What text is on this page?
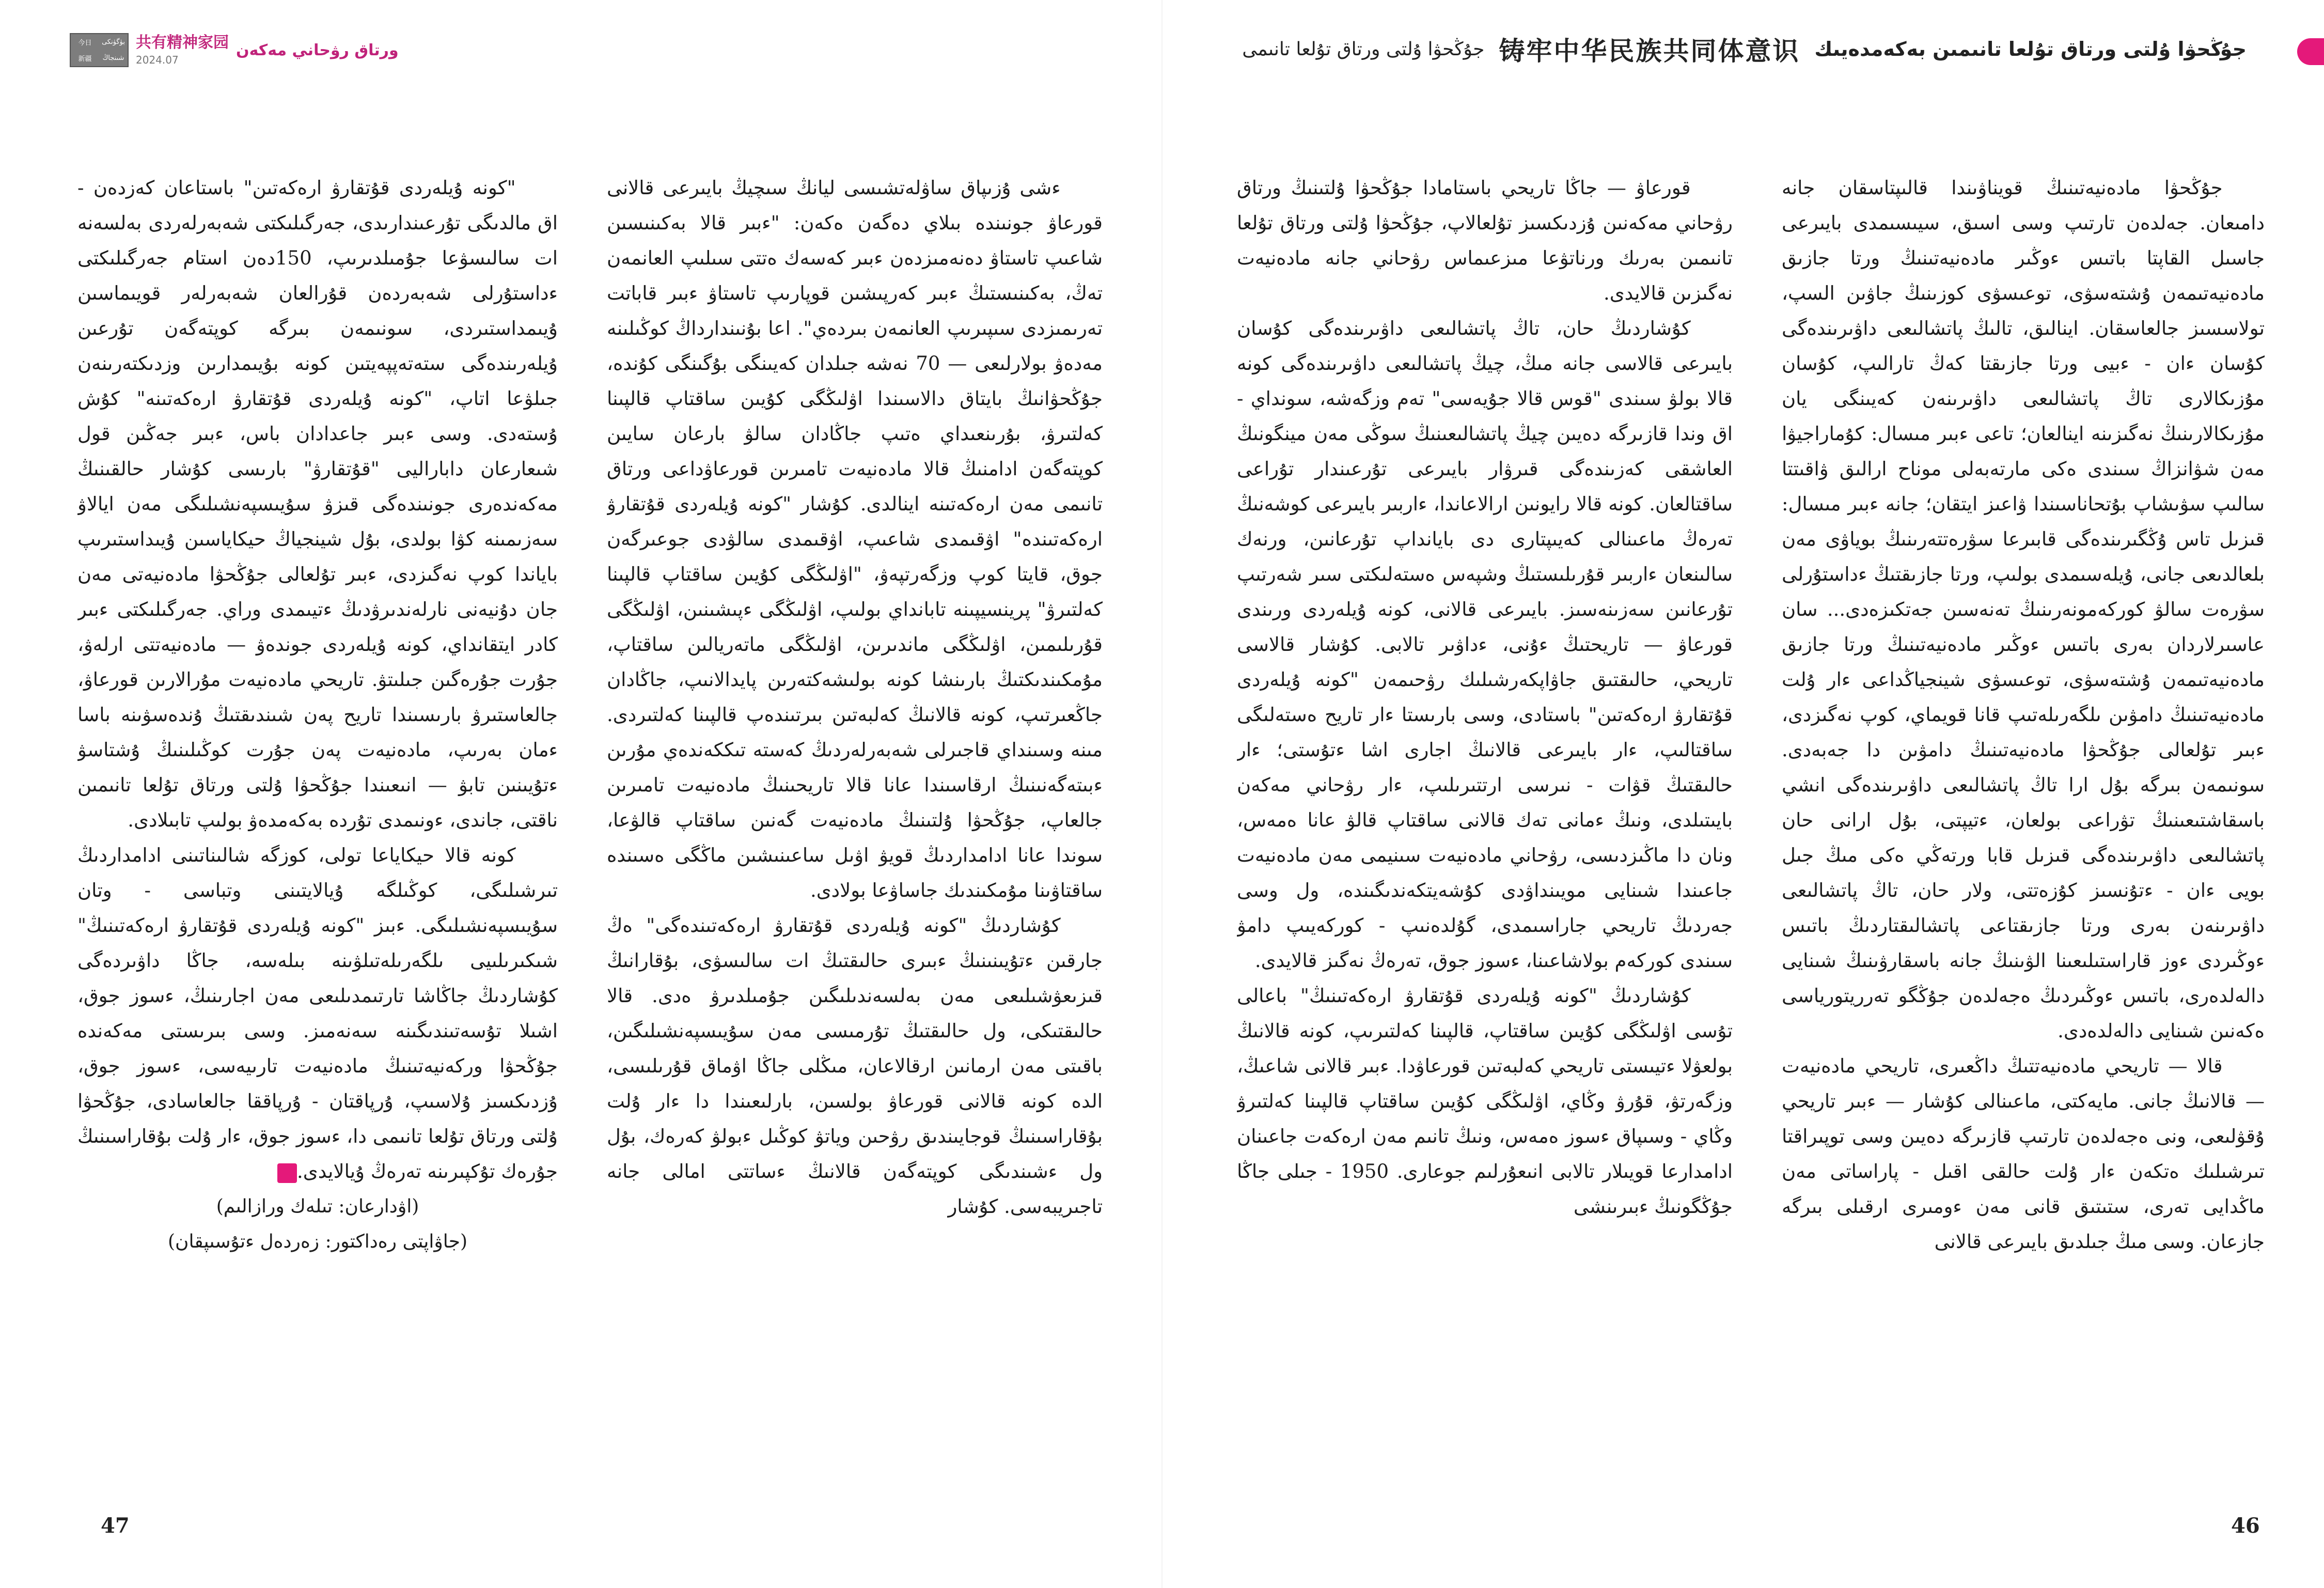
今日	بۈگۈنكى
新疆	شىنجاڭ
共有精神家园
2024.07
ورتاق رۋحاني مەكەن	جۇڭحۋا ۇلتى ورتاق تۇلعا تانىمى 铸牢中华民族共同体意识 جۇڭحۋا ۇلتى ورتاق تۇلعا تانىمىن بەكەمدەيىك

جۇڭحۋا مادەنيەتىنىڭ قويناۋىندا قالىپتاسقان جانە دامىعان. جەلدەن تارتىپ وسى اسىق، سيىسىمدى بايىرعى جاسىل القاپتا باتىس ءوڭىر مادەنيەتىنىڭ ورتا جازىق مادەنيەتىمەن ۇشتەسۋى، توعىسۋى كوزىنىڭ جاۋىن السپ، تولاسسىز جالعاسقان. اينالىق، تالىڭ پاتشالىعى داۋىرىندەگى كۇسان ءان - ءبيى ورتا جازىقتا كەڭ تارالىپ، كۇسان مۇزىكالارى تاڭ پاتشالىعى داۋىرىنەن كەيىنگى يان مۇزىكالارىنىڭ نەگىزىنە اينالعان؛ تاعى ءبىر مىسال: كۇماراجيۋا مەن شۋانزاڭ سىندى ەكى مارتەبەلى موناح ارالىق ۋاقىتتا سالىپ سۋىشاپ بۇتحاناسىندا ۋاعىز ايتقان؛ جانە ءبىر مىسال: قىزىل تاس ۇڭگىرىندەگى قابىرعا سۋرەتتەرىنىڭ بوياۋى مەن بلعالدىعى جانى، ۇيلەسىمدى بولىپ، ورتا جازىقتىڭ ءداستۇرلى سۋرەت سالۋ كوركەمونەرىنىڭ تەنەسىن جەتكىزەدى... سان عاسىرلاردان بەرى باتىس ءوڭىر مادەنيەتىنىڭ ورتا جازىق مادەنيەتىمەن ۇشتەسۋى، توعىسۋى شينجياڭداعى ءار ۇلت مادەنيەتىنىڭ دامۋىن ىلگەرىلەتىپ قانا قويماي، كوپ نەگىزدى، ءبىر تۇلعالى جۇڭحۋا مادەنيەتىنىڭ دامۋىن دا جەبەدى. سونىمەن بىرگە بۇل ارا تاڭ پاتشالىعى داۋىرىندەگى انشي باسقاشتىعىنىڭ تۋراعى بولعان، ءتيپتى، بۇل ارانى حان پاتشالىعى داۋىرىندەگى قىزىل قابا ورتەڭي ەكى مىڭ جىل بويى ءان - ءتۇنسىز كۇزەتتى، ولار حان، تاڭ پاتشالىعى داۋىرىنەن بەرى ورتا جازىقتاعى پاتشالىقتاردىڭ باتىس ءوڭىردى ءوز قاراستىلىعىنا الۋىنىڭ جانە باسقارۋىنىڭ شىنايى دالەلدەرى، باتىس ءوڭىردىڭ ەجەلدەن جۇڭگو تەرريتورياسى ەكەنىن شىنايى دالەلدەدى.

قالا — تاريحي مادەنيەتتىڭ داڭعىرى، تاريحي مادەنيەت — قالانىڭ جانى. مايەكتى، ماعىنالى كۇشار — ءبىر تاريحي ۇقۋلىعى، ونى ەجەلدەن تارتىپ قازىرگە دەيىن وسى توپىراقتا تىرشىلىك ەتكەن ءار ۇلت حالقى اقىل - پاراساتى مەن ماڭدايى تەرى، ستىتىق قانى مەن ءومىرى ارقىلى بىرگە جازعان. وسى مىڭ جىلدىق بايىرعى قالانى

قورعاۋ — جاڭا تاريحي باستامادا جۇڭحۋا ۇلتىنىڭ ورتاق رۋحاني مەكەنىن ۇزدىكسىز تۇلعالاپ، جۇڭحۋا ۇلتى ورتاق تۇلعا تانىمىن بەرىك ورناتۋعا مىزعىماس رۋحاني جانە مادەنيەت نەگىزىن قالايدى.

كۇشاردىڭ حان، تاڭ پاتشالىعى داۋىرىندەگى كۇسان بايىرعى قالاسى جانە مىڭ، چيڭ پاتشالىعى داۋىرىندەگى كونە قالا بولۋ سىندى "قوس قالا جۇيەسى" تەم وزگەشە، سونداي - اق وندا قازىرگە دەيىن چيڭ پاتشالىعىنىڭ سوڭى مەن مينگونىڭ العاشقى كەزىندەگى قىرۋار بايىرعى تۇرعىندار تۇراعى ساقتالعان. كونە قالا رايونىن ارالاعاندا، ءاربىر بايىرعى كوشەنىڭ تەرەڭ ماعىنالى كەيىپتارى دى بايانداپ تۇرعانىن، ورنەك سالىنعان ءاربىر قۇرىلىستىڭ وشپەس ەستەلىكتى سىر شەرتىپ تۇرعانىن سەزىنەسىز. بايىرعى قالانى، كونە ۇيلەردى ورىندى قورعاۋ — تاريحتىڭ ءۇنى، ءداۋىر تالابى. كۇشار قالاسى تاريحي، حالىقتىق جاۋاپكەرشىلىك رۋحىمەن "كونە ۇيلەردى قۇتقارۋ ارەكەتىن" باستادى، وسى بارىستا ءار تاريح ەستەلىگى ساقتالىپ، ءار بايىرعى قالانىڭ اجارى اشا ءتۇستى؛ ءار حالىقتىڭ قۋات - نىرسى ارتتىرىلىپ، ءار رۋحاني مەكەن بايىتىلدى، ونىڭ ءمانى تەك قالانى ساقتاپ قالۋ عانا ەمەس، ونان دا ماڭىزدىسى، رۋحاني مادەنيەت سىنيمى مەن مادەنيەت جاعىندا شىنايى مويىنداۋدى كۇشەيتكەندىگىندە، ول وسى جەردىڭ تاريحي جاراسىمدى، گۇلدەنىپ - كوركەيىپ دامۋ سىندى كوركەم بولاشاعىنا، ءسوز جوق، تەرەڭ نەگىز قالايدى.

كۇشاردىڭ "كونە ۇيلەردى قۇتقارۋ ارەكەتىنىڭ" باعالى تۇسى اۋلىڭگى كۇيىن ساقتاپ، قالپىنا كەلتىرىپ، كونە قالانىڭ بولعۋلا ءتيىستى تاريحي كەلبەتىن قورعاۋدا. ءبىر قالانى شاعىڭ، وزگەرتۋ، قۇرۋ وڭاي، اۋلىڭگى كۇيىن ساقتاپ قالپىنا كەلتىرۋ وڭاي - وسىپاق ءسوز ەمەس، ونىڭ تانىم مەن ارەكەت جاعىنان ادامدارعا قويىلار تالابى انىعۇرلىم جوعارى. 1950 - جىلى جاڭا جۇڭگونىڭ ءبىرىنشى

ءشى ۇزىپاق ساۋلەتشىسى ليانڭ سىچيڭ بايىرعى قالانى قورعاۋ جونىندە بىلاي دەگەن ەكەن: "ءبىر قالا بەكىنىسىن شاعىپ تاستاۋ دەنەمىزدەن ءبىر كەسەك ەتتى سىلىپ العانمەن تەڭ، بەكىنىستىڭ ءبىر كەرپىشىن قوپارىپ تاستاۋ ءبىر قاباتت تەرىمىزدى سىپىرىپ العانمەن بىردەي". اعا بۇنىندارداڭ كوڭىلىنە مەدەۋ بولارلىعى — 70 نەشە جىلدان كەيىنگى بۇگىنگى كۇندە، جۇڭحۋانىڭ بايتاق دالاسىندا اۋلىڭگى كۇيىن ساقتاپ قالپىنا كەلتىرۋ، بۇرىنعىداي ەتىپ جاڭادان سالۋ بارعان سايىن كوپتەگەن ادامنىڭ قالا مادەنيەت تامىرىن قورعاۋداعى ورتاق تانىمى مەن ارەكەتىنە اينالدى. كۇشار "كونە ۇيلەردى قۇتقارۋ ارەكەتىندە" اۋقىمدى شاعىپ، اۋقىمدى سالۋدى جوعىرگەن جوق، قايتا كوپ وزگەرتپەۋ، "اۋلىڭگى كۇيىن ساقتاپ قالپىنا كەلتىرۋ" پرينسيپىنە تابانداي بولىپ، اۋلىڭگى ءپىشىنىن، اۋلىڭگى قۇرىلىمىن، اۋلىڭگى ماندىرىن، اۋلىڭگى ماتەريالىن ساقتاپ، مۇمكىندىكتىڭ بارىنشا كونە بولىشەكتەرىن پايدالانىپ، جاڭادان جاڭعىرتىپ، كونە قالانىڭ كەلبەتىن بىرتىندەپ قالپىنا كەلتىردى. مىنە وسىنداي قاجىرلى شەبەرلەردىڭ كەستە تىككەندەي مۇرىن ءبىتەگەنىنىڭ ارقاسىندا عانا قالا تاريحىنىڭ مادەنيەت تامىرىن جالعاپ، جۇڭحۋا ۇلتىنىڭ مادەنيەت گەنىن ساقتاپ قالۋعا، سوندا عانا ادامداردىڭ قويۋ اۋىل ساعىنىشىن ماڭگى ەسىندە ساقتاۋىنا مۇمكىندىك جاساۋعا بولادى.

كۇشاردىڭ "كونە ۇيلەردى قۇتقارۋ ارەكەتىندەگى" ەڭ جارقىن ءتۇيىنىنىڭ ءبىرى حالىقتىڭ ات سالىسۋى، بۇقارانىڭ قىزىعۋشىلىعى مەن بەلسەندىلىگىن جۇمىلدىرۋ ەدى. قالا حالىقتىكى، ول حالىقتىڭ تۇرمىسى مەن سۇيىسپەنشىلىگىن، باقىتى مەن ارمانىن ارقالاعان، مىڭلى جاڭا اۋماق قۇرىلىسى، الدە كونە قالانى قورعاۋ بولسىن، بارلىعىندا دا ءار ۇلت بۇقاراسىنىڭ قوجايىندىق رۋحىن وياتۋ كوڭىل ءبولۋ كەرەك، بۇل ول ءشىندىگى كوپتەگەن قالانىڭ ءساتتى امالى جانە تاجىريبەسى. كۇشار

"كونە ۇيلەردى قۇتقارۋ ارەكەتىن" باستاعان كەزدەن - اق مالدىگى تۇرعىندارىدى، جەرگىلىكتى شەبەرلەردى بەلسەنە ات سالىسۋعا جۇمىلدىرىپ، 150دەن استام جەرگىلىكتى ءداستۇرلى شەبەردەن قۇرالعان شەبەرلەر قويىماسىن ۇيىمداستىردى، سونىمەن بىرگە كوپتەگەن تۇرعىن ۇيلەرىندەگى ستەتەپپەيتىن كونە بۇيىمدارىن وزدىكتەرىنەن جىلۋعا اتاپ، "كونە ۇيلەردى قۇتقارۋ ارەكەتىنە" كۇش ۇستەدى. وسى ءبىر جاعدادان باس، ءبىر جەڭىن قول شىعارعان داباراليى "قۇتقارۋ" بارىسى كۇشار حالقىنىڭ مەكەندەرى جونىندەگى قىزۋ سۇيىسپەنشىلىگى مەن ايالاۋ سەزىمىنە كۋا بولدى، بۇل شينجياڭ حيكاياسىن ۇيىداستىرىپ باياندا كوپ نەگىزدى، ءبىر تۇلعالى جۇڭحۋا مادەنيەتى مەن جان دۇنيەنى نارلەندىرۋدىڭ ءتيىمدى وراي. جەرگىلىكتى ءبىر كادر ايتقانداي، كونە ۇيلەردى جوندەۋ — مادەنيەتتى ارلەۋ، جۇرت جۇرەگىن جىلىتۋ. تاريحي مادەنيەت مۇرالارىن قورعاۋ، جالعاستىرۋ بارىسىندا تاريح پەن شىندىقتىڭ ۇندەسۋىنە باسا ءمان بەرىپ، مادەنيەت پەن جۇرت كوڭىلىنىڭ ۇشتاسۋ ءتۇيىنىن تابۋ — انىعىندا جۇڭحۋا ۇلتى ورتاق تۇلعا تانىمىن ناقتى، جاندى، ءونىمدى تۇردە بەكەمدەۋ بولىپ تابىلادى.

كونە قالا حيكاياعا تولى، كوزگە شالىناتىنى ادامداردىڭ تىرشىلىگى، كوڭىلگە ۇيالايتىنى وتباسى - وتان سۇيىسپەنشىلىگى. ءبىز "كونە ۇيلەردى قۇتقارۋ ارەكەتىنىڭ" شىكىرىلىيى ىلگەرىلەتىلۋىنە بىلەسە، جاڭا داۋىردەگى كۇشاردىڭ جاڭاشا تارتىمدىلىعى مەن اجارىنىڭ، ءسوز جوق، اشىلا تۇسەتىندىگىنە سەنەمىز. وسى بىرىستى مەكەندە جۇڭحۋا وركەنيەتىنىڭ مادەنيەت تارىيەسى، ءسوز جوق، ۇزدىكسىز ۇلاسىپ، ۇرپاقتان - ۇرپاققا جالعاسادى، جۇڭحۋا ۇلتى ورتاق تۇلعا تانىمى دا، ءسوز جوق، ءار ۇلت بۇقاراسىنىڭ جۇرەك تۇكپىرىنە تەرەڭ ۇيالايدى.Ј

(اۋدارعان: تىلەك ورازالىم)

(جاۋاپتى رەداكتور: زەردەل ءتۇسىپقان)

47	46
